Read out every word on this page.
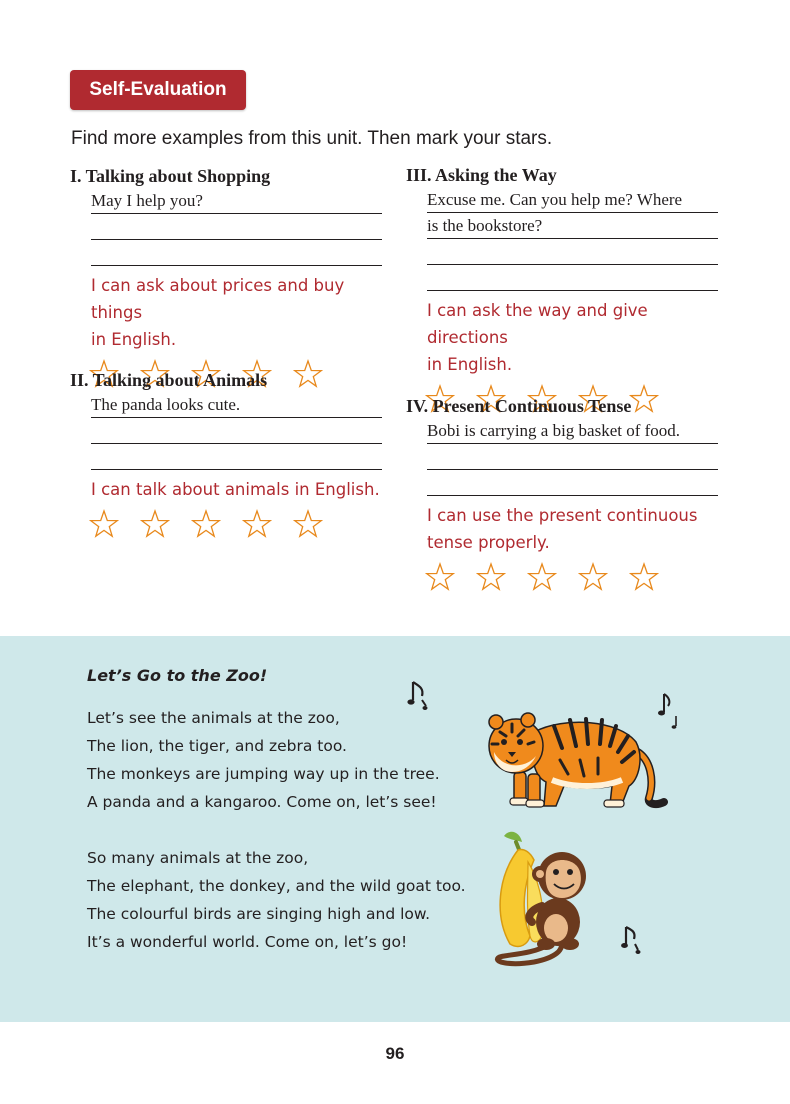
Self-Evaluation
Find more examples from this unit. Then mark your stars.
I. Talking about Shopping
May I help you?
I can ask about prices and buy things
in English.
II. Talking about Animals
The panda looks cute.
I can talk about animals in English.
III. Asking the Way
Excuse me. Can you help me? Where
is the bookstore?
I can ask the way and give directions
in English.
IV. Present Continuous Tense
Bobi is carrying a big basket of food.
I can use the present continuous
tense properly.
Let’s Go to the Zoo!
Let’s see the animals at the zoo,
The lion, the tiger, and zebra too.
The monkeys are jumping way up in the tree.
A panda and a kangaroo. Come on, let’s see!
So many animals at the zoo,
The elephant, the donkey, and the wild goat too.
The colourful birds are singing high and low.
It’s a wonderful world. Come on, let’s go!
96
